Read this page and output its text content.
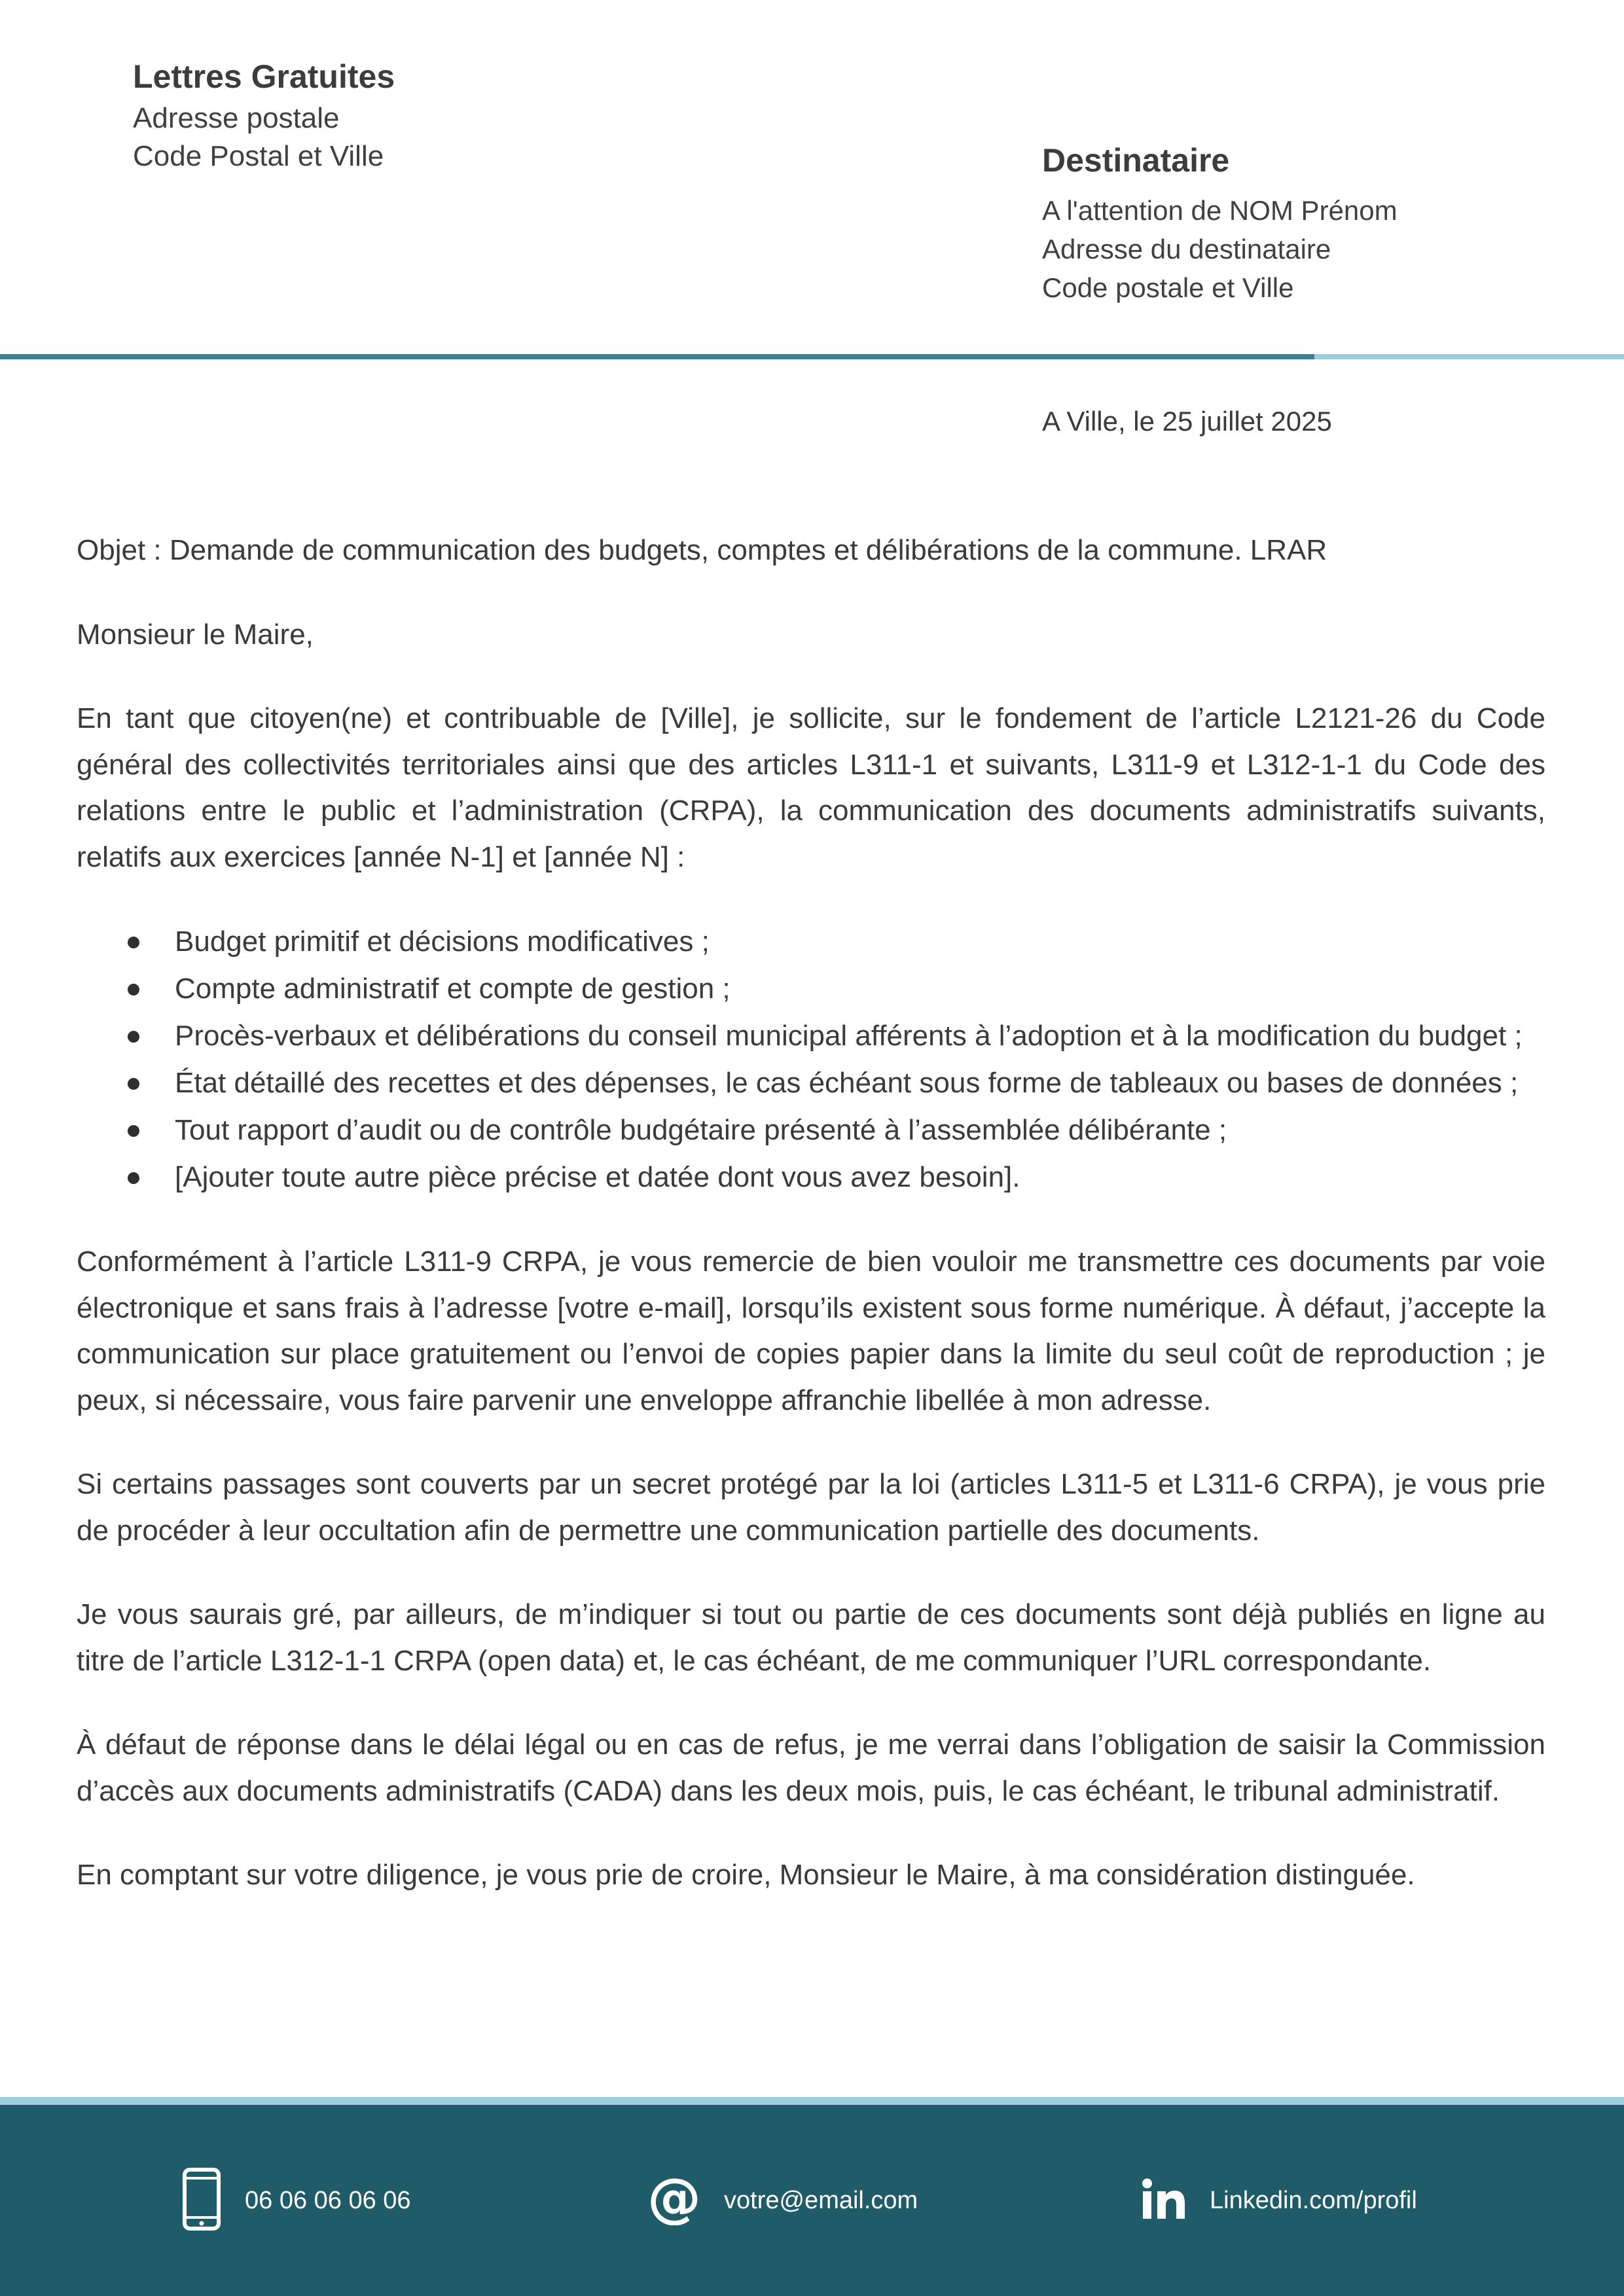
Lettres Gratuites
Adresse postale
Code Postal et Ville	Destinataire
A l'attention de NOM Prénom
Adresse du destinataire
Code postale et Ville
A Ville, le 25 juillet 2025

Objet : Demande de communication des budgets, comptes et délibérations de la commune. LRAR

Monsieur le Maire,

En tant que citoyen(ne) et contribuable de [Ville], je sollicite, sur le fondement de l’article L2121-26 du Code général des collectivités territoriales ainsi que des articles L311-1 et suivants, L311-9 et L312-1-1 du Code des relations entre le public et l’administration (CRPA), la communication des documents administratifs suivants, relatifs aux exercices [année N-1] et [année N] :

Budget primitif et décisions modificatives ;
Compte administratif et compte de gestion ;
Procès-verbaux et délibérations du conseil municipal afférents à l’adoption et à la modification du budget ;
État détaillé des recettes et des dépenses, le cas échéant sous forme de tableaux ou bases de données ;
Tout rapport d’audit ou de contrôle budgétaire présenté à l’assemblée délibérante ;
[Ajouter toute autre pièce précise et datée dont vous avez besoin].

Conformément à l’article L311-9 CRPA, je vous remercie de bien vouloir me transmettre ces documents par voie électronique et sans frais à l’adresse [votre e-mail], lorsqu’ils existent sous forme numérique. À défaut, j’accepte la communication sur place gratuitement ou l’envoi de copies papier dans la limite du seul coût de reproduction ; je peux, si nécessaire, vous faire parvenir une enveloppe affranchie libellée à mon adresse.

Si certains passages sont couverts par un secret protégé par la loi (articles L311-5 et L311-6 CRPA), je vous prie de procéder à leur occultation afin de permettre une communication partielle des documents.

Je vous saurais gré, par ailleurs, de m’indiquer si tout ou partie de ces documents sont déjà publiés en ligne au titre de l’article L312-1-1 CRPA (open data) et, le cas échéant, de me communiquer l’URL correspondante.

À défaut de réponse dans le délai légal ou en cas de refus, je me verrai dans l’obligation de saisir la Commission d’accès aux documents administratifs (CADA) dans les deux mois, puis, le cas échéant, le tribunal administratif.

En comptant sur votre diligence, je vous prie de croire, Monsieur le Maire, à ma considération distinguée.

06 06 06 06 06	@ votre@email.com	Linkedin.com/profil
